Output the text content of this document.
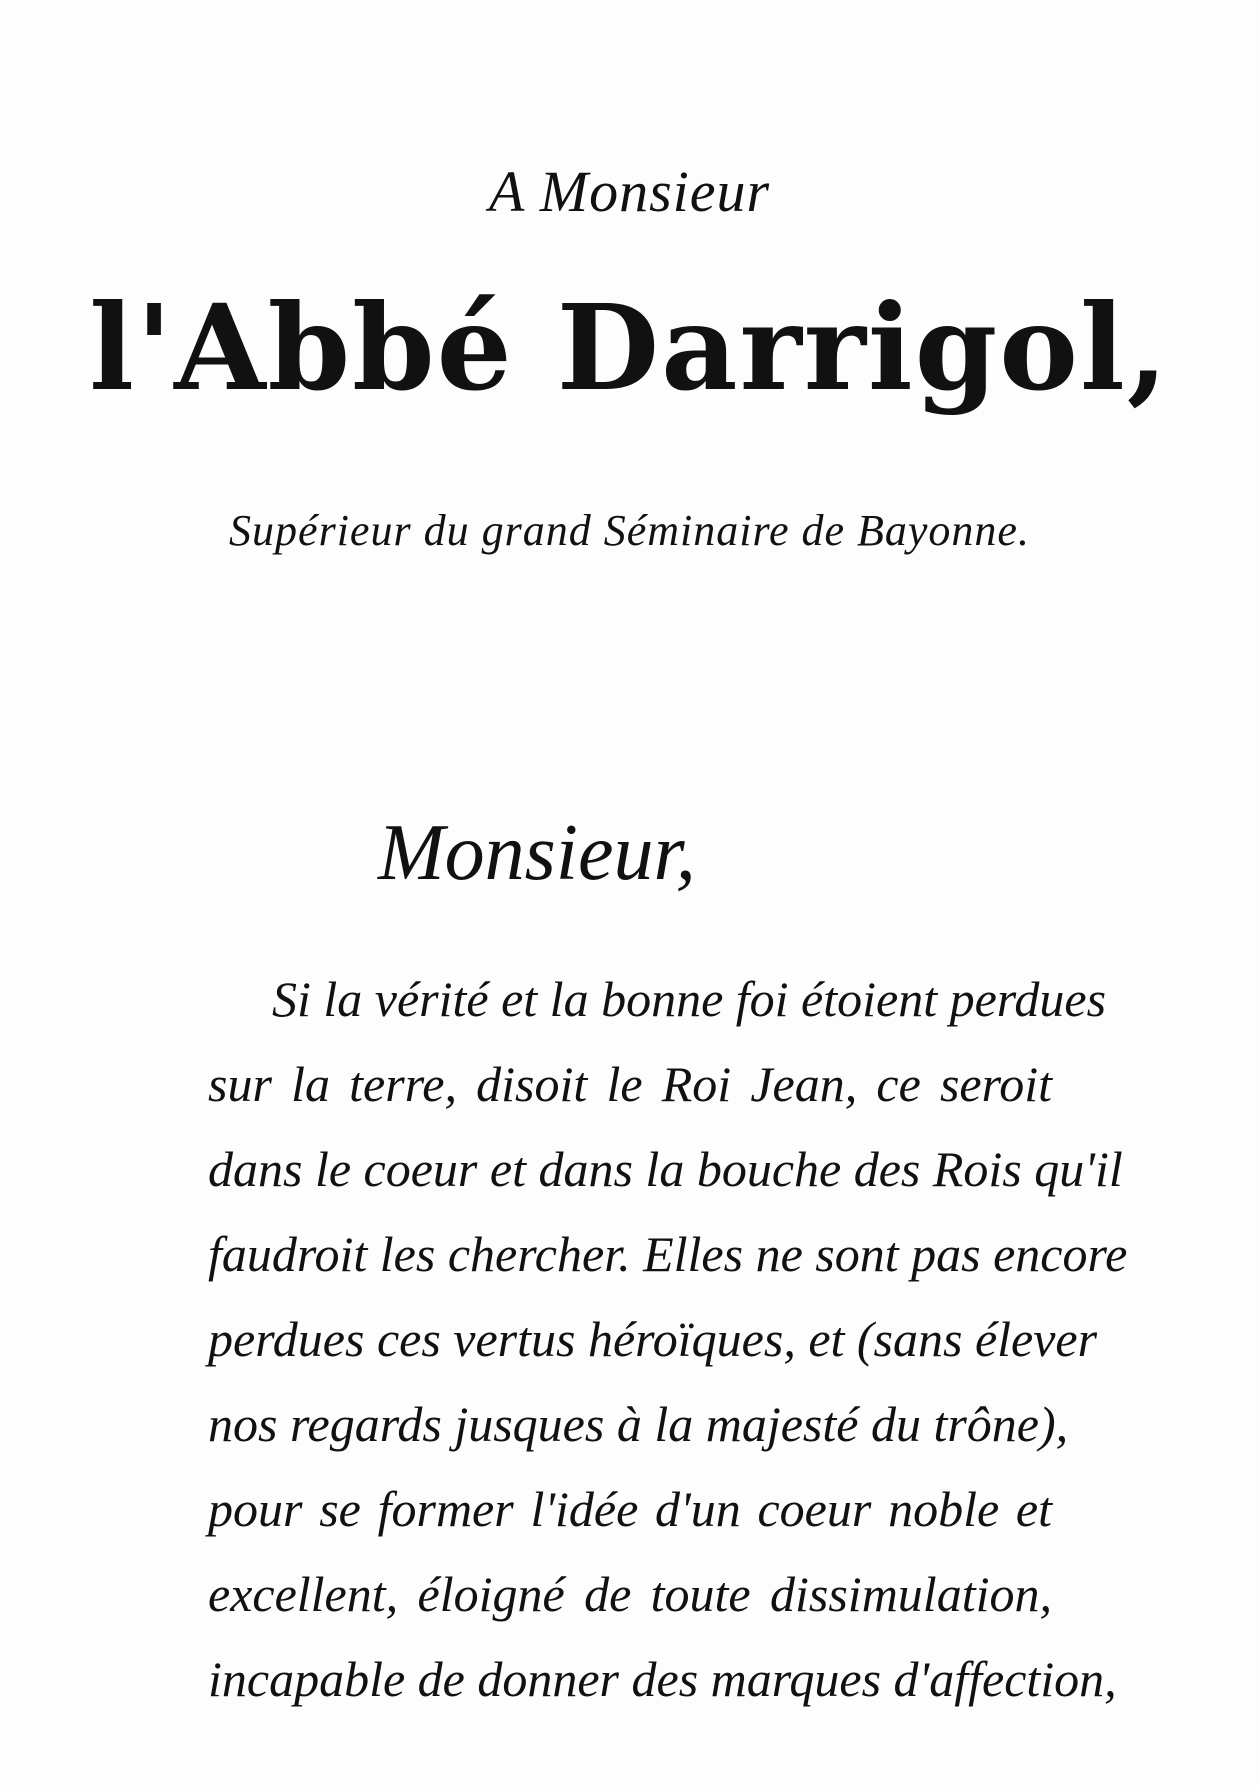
A Monsieur
l'Abbé Darrigol,
Supérieur du grand Séminaire de Bayonne.
Monsieur,
Si la vérité et la bonne foi étoient perdues
sur la terre, disoit le Roi Jean, ce seroit
dans le coeur et dans la bouche des Rois qu'il
faudroit les chercher. Elles ne sont pas encore
perdues ces vertus héroïques, et (sans élever
nos regards jusques à la majesté du trône),
pour se former l'idée d'un coeur noble et
excellent, éloigné de toute dissimulation,
incapable de donner des marques d'affection,
